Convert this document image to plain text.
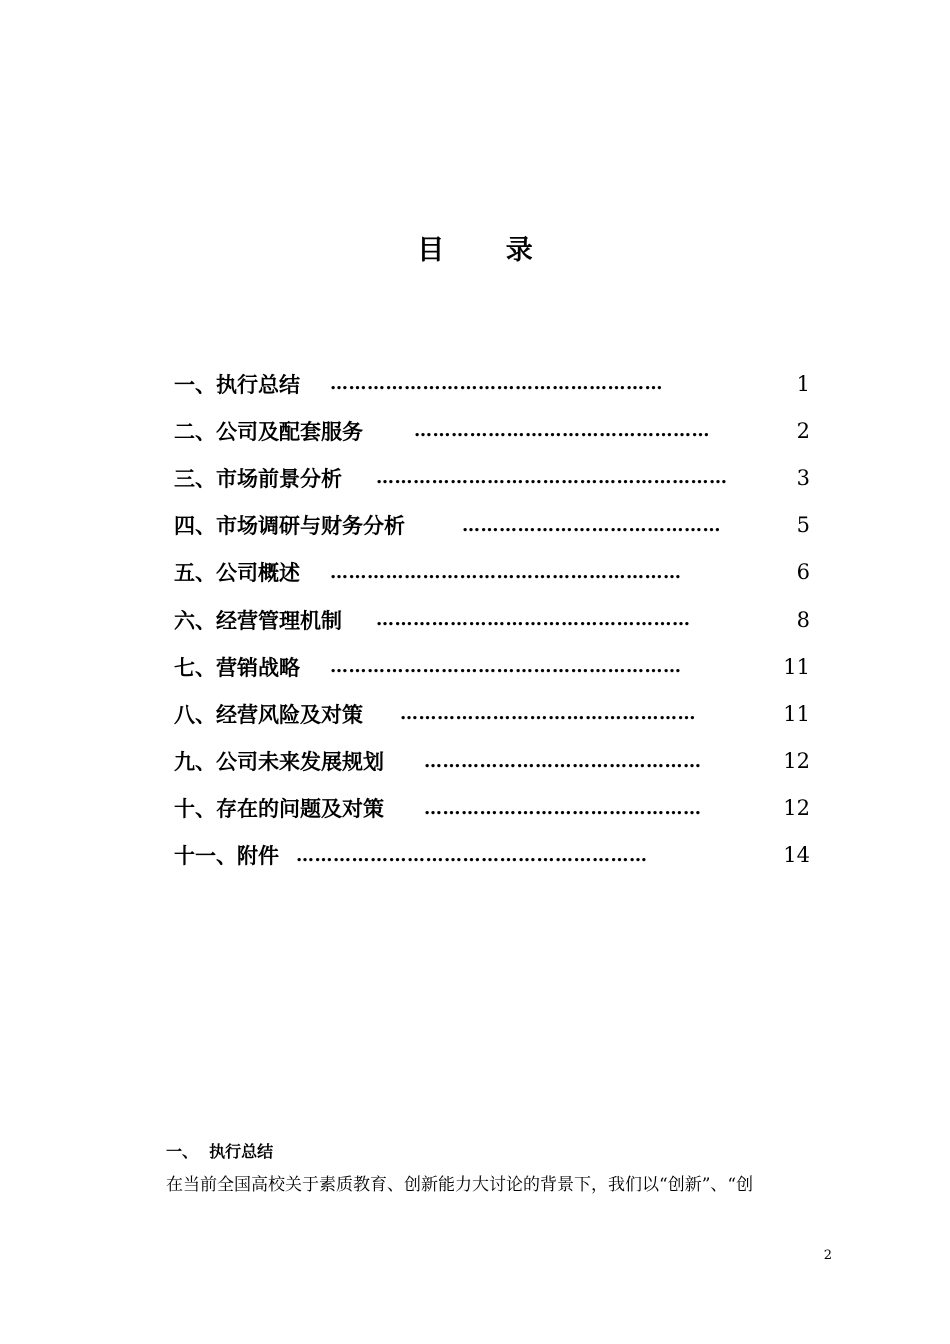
目 录
一、执行总结 ………………………………………………	1
二、公司及配套服务 …………………………………………	2
三、市场前景分析 …………………………………………………	3
四、市场调研与财务分析 ……………………………………	5
五、公司概述 …………………………………………………	6
六、经营管理机制 ……………………………………………	8
七、营销战略 …………………………………………………	11
八、经营风险及对策 …………………………………………	11
九、公司未来发展规划 ………………………………………	12
十、存在的问题及对策 ………………………………………	12
十一、附件 …………………………………………………	14
一、  执行总结
在当前全国高校关于素质教育、创新能力大讨论的背景下，我们以“创新”、“创
2
